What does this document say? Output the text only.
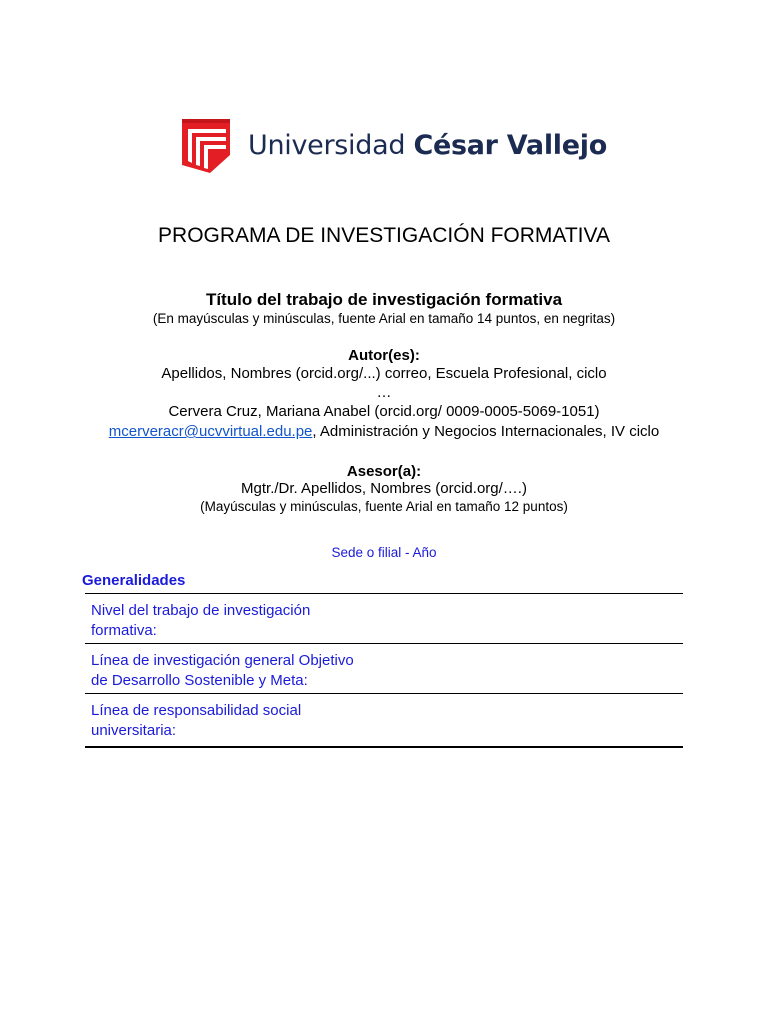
Universidad César Vallejo
PROGRAMA DE INVESTIGACIÓN FORMATIVA
Título del trabajo de investigación formativa
(En mayúsculas y minúsculas, fuente Arial en tamaño 14 puntos, en negritas)
Autor(es):
Apellidos, Nombres (orcid.org/...) correo, Escuela Profesional, ciclo
…
Cervera Cruz, Mariana Anabel (orcid.org/ 0009-0005-5069-1051)
mcerveracr@ucvvirtual.edu.pe, Administración y Negocios Internacionales, IV ciclo
Asesor(a):
Mgtr./Dr. Apellidos, Nombres (orcid.org/….)
(Mayúsculas y minúsculas, fuente Arial en tamaño 12 puntos)
Sede o filial - Año
Generalidades
Nivel del trabajo de investigación
formativa:
Línea de investigación general Objetivo
de Desarrollo Sostenible y Meta:
Línea de responsabilidad social
universitaria:
